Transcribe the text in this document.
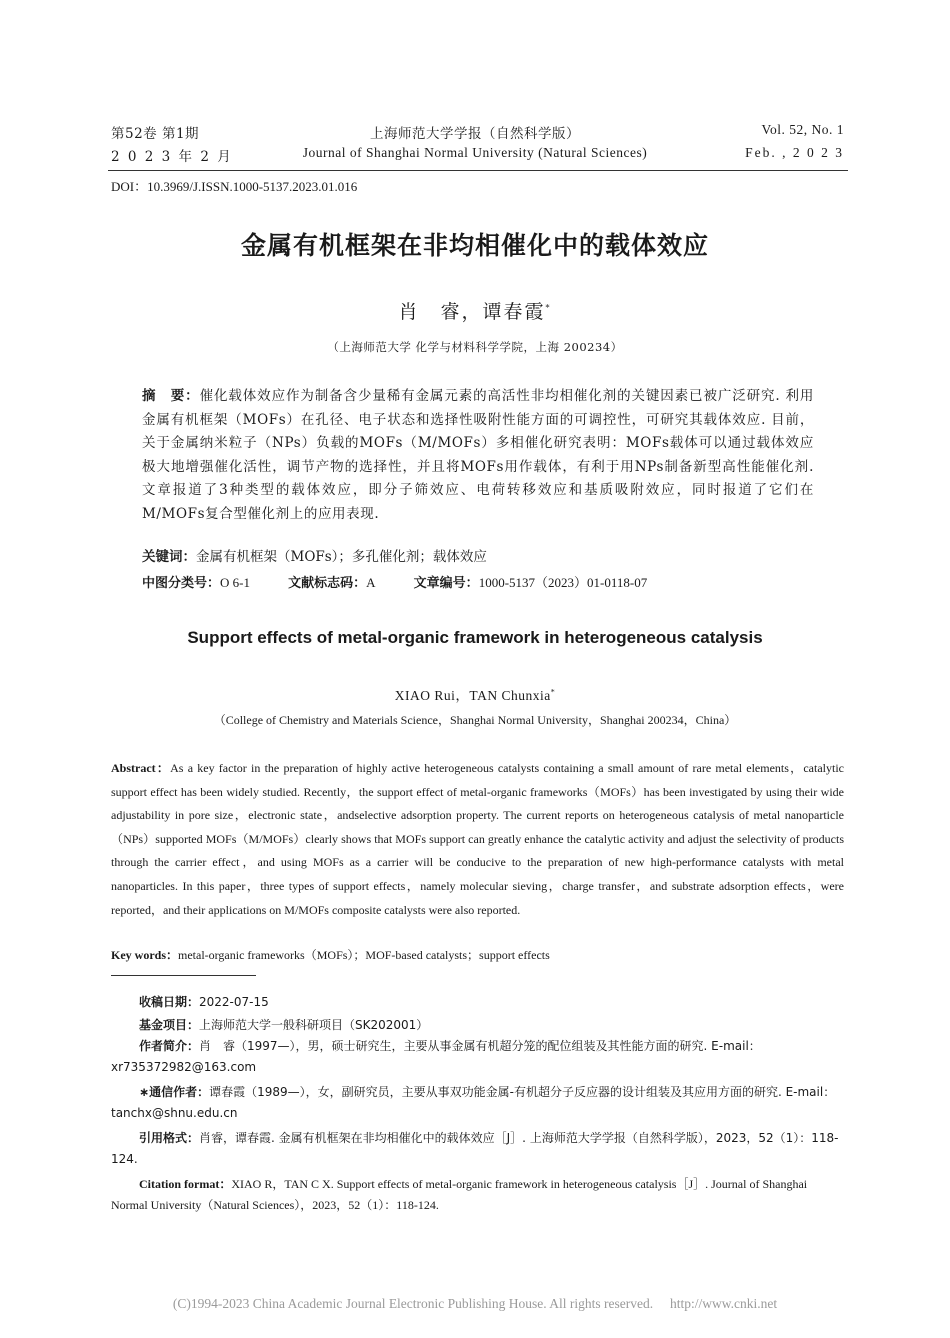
第52卷 第1期
2 0 2 3 年 2 月
上海师范大学学报（自然科学版）
Journal of Shanghai Normal University (Natural Sciences)
Vol. 52, No. 1
Feb. , 2 0 2 3
DOI：10.3969/J.ISSN.1000-5137.2023.01.016
金属有机框架在非均相催化中的载体效应
肖　睿，谭春霞*
（上海师范大学 化学与材料科学学院，上海 200234）
摘　要：催化载体效应作为制备含少量稀有金属元素的高活性非均相催化剂的关键因素已被广泛研究. 利用金属有机框架（MOFs）在孔径、电子状态和选择性吸附性能方面的可调控性，可研究其载体效应. 目前，关于金属纳米粒子（NPs）负载的MOFs（M/MOFs）多相催化研究表明：MOFs载体可以通过载体效应极大地增强催化活性，调节产物的选择性，并且将MOFs用作载体，有利于用NPs制备新型高性能催化剂. 文章报道了3种类型的载体效应，即分子筛效应、电荷转移效应和基质吸附效应，同时报道了它们在M/MOFs复合型催化剂上的应用表现.
关键词：金属有机框架（MOFs）；多孔催化剂；载体效应
中图分类号：O 6-1	文献标志码：A	文章编号：1000-5137（2023）01-0118-07
Support effects of metal-organic framework in heterogeneous catalysis
XIAO Rui，TAN Chunxia*
（College of Chemistry and Materials Science，Shanghai Normal University，Shanghai 200234，China）
Abstract：As a key factor in the preparation of highly active heterogeneous catalysts containing a small amount of rare metal elements，catalytic support effect has been widely studied. Recently，the support effect of metal-organic frameworks（MOFs）has been investigated by using their wide adjustability in pore size，electronic state，andselective adsorption property. The current reports on heterogeneous catalysis of metal nanoparticle（NPs）supported MOFs（M/MOFs）clearly shows that MOFs support can greatly enhance the catalytic activity and adjust the selectivity of products through the carrier effect，and using MOFs as a carrier will be conducive to the preparation of new high-performance catalysts with metal nanoparticles. In this paper，three types of support effects，namely molecular sieving，charge transfer，and substrate adsorption effects，were reported，and their applications on M/MOFs composite catalysts were also reported.
Key words：metal-organic frameworks（MOFs）；MOF-based catalysts；support effects
收稿日期：2022-07-15
基金项目：上海师范大学一般科研项目（SK202001）
作者简介：肖　睿（1997—），男，硕士研究生，主要从事金属有机超分笼的配位组装及其性能方面的研究. E-mail：xr735372982@163.com
∗通信作者：谭春霞（1989—），女，副研究员，主要从事双功能金属-有机超分子反应器的设计组装及其应用方面的研究. E-mail：tanchx@shnu.edu.cn
引用格式：肖睿，谭春霞. 金属有机框架在非均相催化中的载体效应［J］. 上海师范大学学报（自然科学版），2023，52（1）：118-124.
Citation format：XIAO R，TAN C X. Support effects of metal-organic framework in heterogeneous catalysis［J］. Journal of Shanghai Normal University（Natural Sciences），2023，52（1）：118-124.
(C)1994-2023 China Academic Journal Electronic Publishing House. All rights reserved.　 http://www.cnki.net
